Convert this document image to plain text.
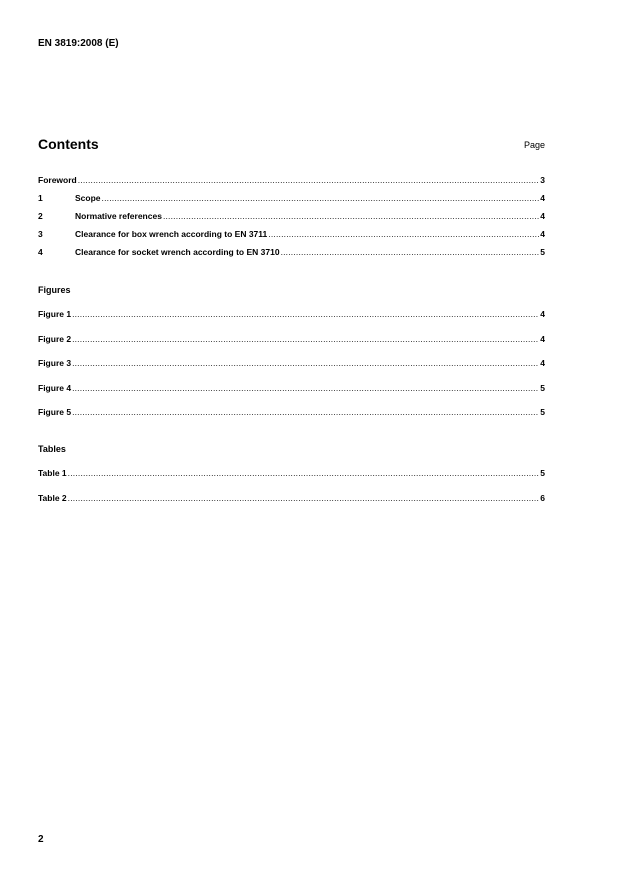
EN 3819:2008 (E)
Contents	Page
Foreword .....	3
1	Scope .....	4
2	Normative references .....	4
3	Clearance for box wrench according to EN 3711 .....	4
4	Clearance for socket wrench according to EN 3710 .....	5
Figures
Figure 1 .....	4
Figure 2 .....	4
Figure 3 .....	4
Figure 4 .....	5
Figure 5 .....	5
Tables
Table 1 .....	5
Table 2 .....	6
2
